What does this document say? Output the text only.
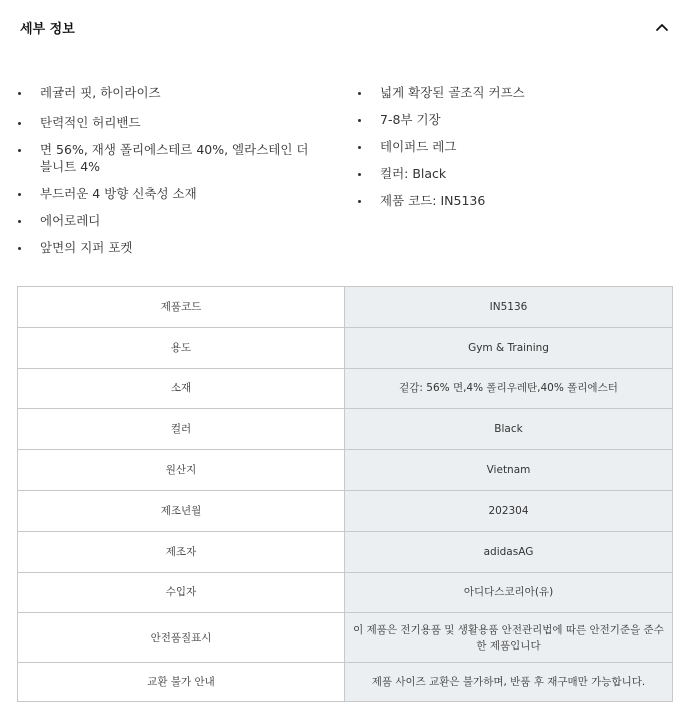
세부 정보
레귤러 핏, 하이라이즈
탄력적인 허리밴드
면 56%, 재생 폴리에스테르 40%, 엘라스테인 더블니트 4%
부드러운 4 방향 신축성 소재
에어로레디
앞면의 지퍼 포켓
넓게 확장된 골조직 커프스
7-8부 기장
테이퍼드 레그
컬러: Black
제품 코드: IN5136
제품코드	IN5136
용도	Gym & Training
소재	겉감: 56% 면,4% 폴리우레탄,40% 폴리에스터
컬러	Black
원산지	Vietnam
제조년월	202304
제조자	adidasAG
수입자	아디다스코리아(유)
안전품질표시	이 제품은 전기용품 및 생활용품 안전관리법에 따른 안전기준을 준수한 제품입니다
교환 불가 안내	제품 사이즈 교환은 불가하며, 반품 후 재구매만 가능합니다.
